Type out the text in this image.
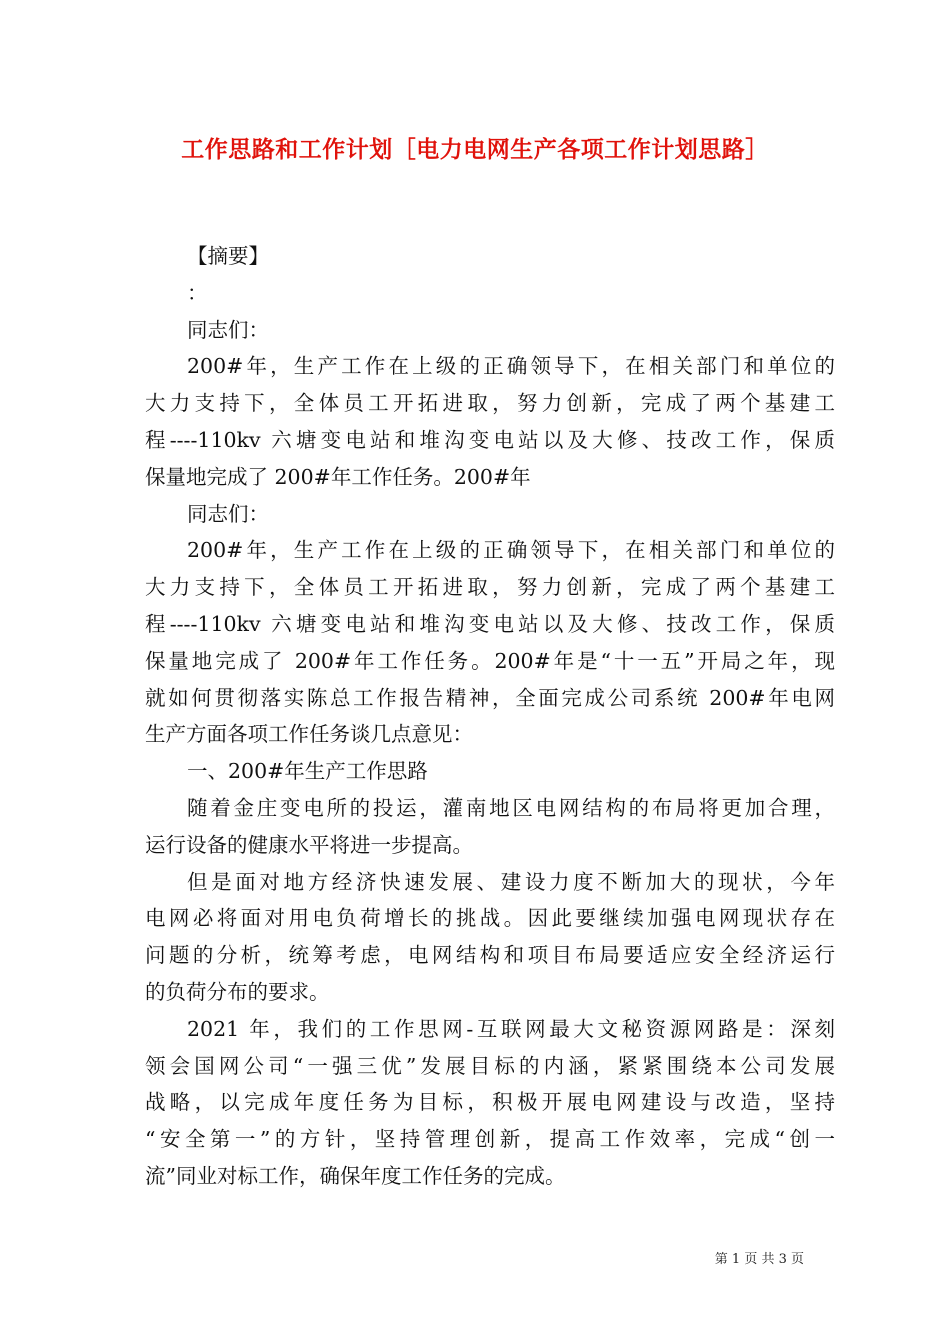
工作思路和工作计划［电力电网生产各项工作计划思路］
【摘要】
：
同志们：
200#年，生产工作在上级的正确领导下，在相关部门和单位的
大力支持下，全体员工开拓进取，努力创新，完成了两个基建工
程----110kv 六塘变电站和堆沟变电站以及大修、技改工作，保质
保量地完成了 200#年工作任务。200#年
同志们：
200#年，生产工作在上级的正确领导下，在相关部门和单位的
大力支持下，全体员工开拓进取，努力创新，完成了两个基建工
程----110kv 六塘变电站和堆沟变电站以及大修、技改工作，保质
保量地完成了 200#年工作任务。200#年是“十一五”开局之年，现
就如何贯彻落实陈总工作报告精神，全面完成公司系统 200#年电网
生产方面各项工作任务谈几点意见：
一、200#年生产工作思路
随着金庄变电所的投运，灌南地区电网结构的布局将更加合理，
运行设备的健康水平将进一步提高。
但是面对地方经济快速发展、建设力度不断加大的现状，今年
电网必将面对用电负荷增长的挑战。因此要继续加强电网现状存在
问题的分析，统筹考虑，电网结构和项目布局要适应安全经济运行
的负荷分布的要求。
2021 年，我们的工作思网-互联网最大文秘资源网路是：深刻
领会国网公司“一强三优”发展目标的内涵，紧紧围绕本公司发展
战略，以完成年度任务为目标，积极开展电网建设与改造，坚持
“安全第一”的方针，坚持管理创新，提高工作效率，完成“创一
流”同业对标工作，确保年度工作任务的完成。
第 1 页 共 3 页
